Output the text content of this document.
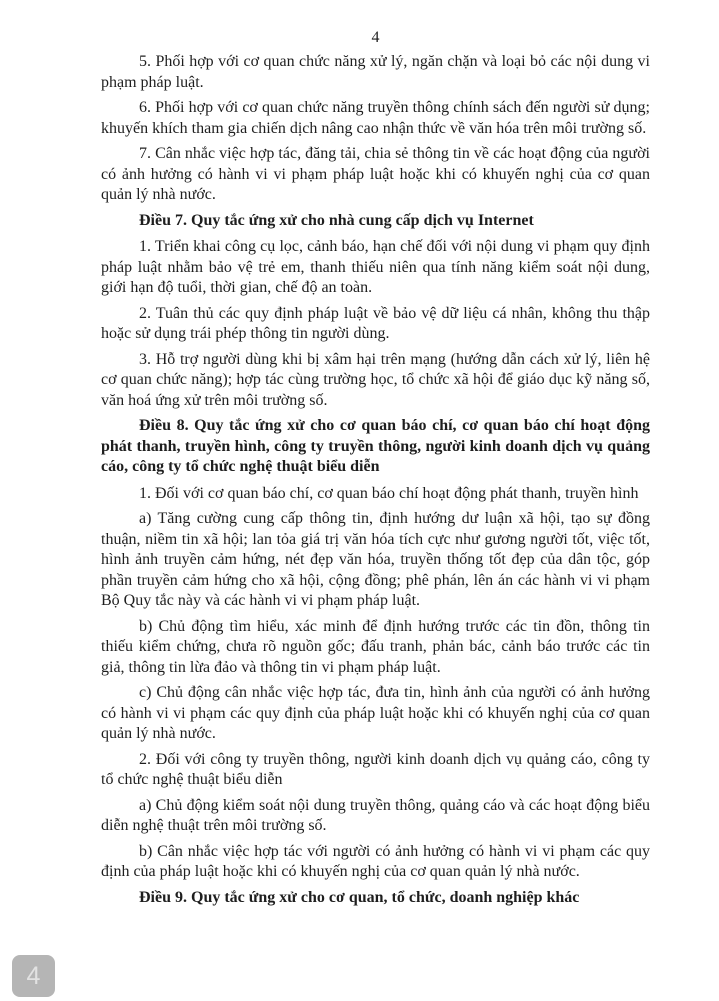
4
5. Phối hợp với cơ quan chức năng xử lý, ngăn chặn và loại bỏ các nội dung vi phạm pháp luật.
6. Phối hợp với cơ quan chức năng truyền thông chính sách đến người sử dụng; khuyến khích tham gia chiến dịch nâng cao nhận thức về văn hóa trên môi trường số.
7. Cân nhắc việc hợp tác, đăng tải, chia sẻ thông tin về các hoạt động của người có ảnh hưởng có hành vi vi phạm pháp luật hoặc khi có khuyến nghị của cơ quan quản lý nhà nước.
Điều 7. Quy tắc ứng xử cho nhà cung cấp dịch vụ Internet
1. Triển khai công cụ lọc, cảnh báo, hạn chế đối với nội dung vi phạm quy định pháp luật nhằm bảo vệ trẻ em, thanh thiếu niên qua tính năng kiểm soát nội dung, giới hạn độ tuổi, thời gian, chế độ an toàn.
2. Tuân thủ các quy định pháp luật về bảo vệ dữ liệu cá nhân, không thu thập hoặc sử dụng trái phép thông tin người dùng.
3. Hỗ trợ người dùng khi bị xâm hại trên mạng (hướng dẫn cách xử lý, liên hệ cơ quan chức năng); hợp tác cùng trường học, tổ chức xã hội để giáo dục kỹ năng số, văn hoá ứng xử trên môi trường số.
Điều 8. Quy tắc ứng xử cho cơ quan báo chí, cơ quan báo chí hoạt động phát thanh, truyền hình, công ty truyền thông, người kinh doanh dịch vụ quảng cáo, công ty tổ chức nghệ thuật biểu diễn
1. Đối với cơ quan báo chí, cơ quan báo chí hoạt động phát thanh, truyền hình
a) Tăng cường cung cấp thông tin, định hướng dư luận xã hội, tạo sự đồng thuận, niềm tin xã hội; lan tỏa giá trị văn hóa tích cực như gương người tốt, việc tốt, hình ảnh truyền cảm hứng, nét đẹp văn hóa, truyền thống tốt đẹp của dân tộc, góp phần truyền cảm hứng cho xã hội, cộng đồng; phê phán, lên án các hành vi vi phạm Bộ Quy tắc này và các hành vi vi phạm pháp luật.
b) Chủ động tìm hiểu, xác minh để định hướng trước các tin đồn, thông tin thiếu kiểm chứng, chưa rõ nguồn gốc; đấu tranh, phản bác, cảnh báo trước các tin giả, thông tin lừa đảo và thông tin vi phạm pháp luật.
c) Chủ động cân nhắc việc hợp tác, đưa tin, hình ảnh của người có ảnh hưởng có hành vi vi phạm các quy định của pháp luật hoặc khi có khuyến nghị của cơ quan quản lý nhà nước.
2. Đối với công ty truyền thông, người kinh doanh dịch vụ quảng cáo, công ty tổ chức nghệ thuật biểu diễn
a) Chủ động kiểm soát nội dung truyền thông, quảng cáo và các hoạt động biểu diễn nghệ thuật trên môi trường số.
b) Cân nhắc việc hợp tác với người có ảnh hưởng có hành vi vi phạm các quy định của pháp luật hoặc khi có khuyến nghị của cơ quan quản lý nhà nước.
Điều 9. Quy tắc ứng xử cho cơ quan, tổ chức, doanh nghiệp khác
4
